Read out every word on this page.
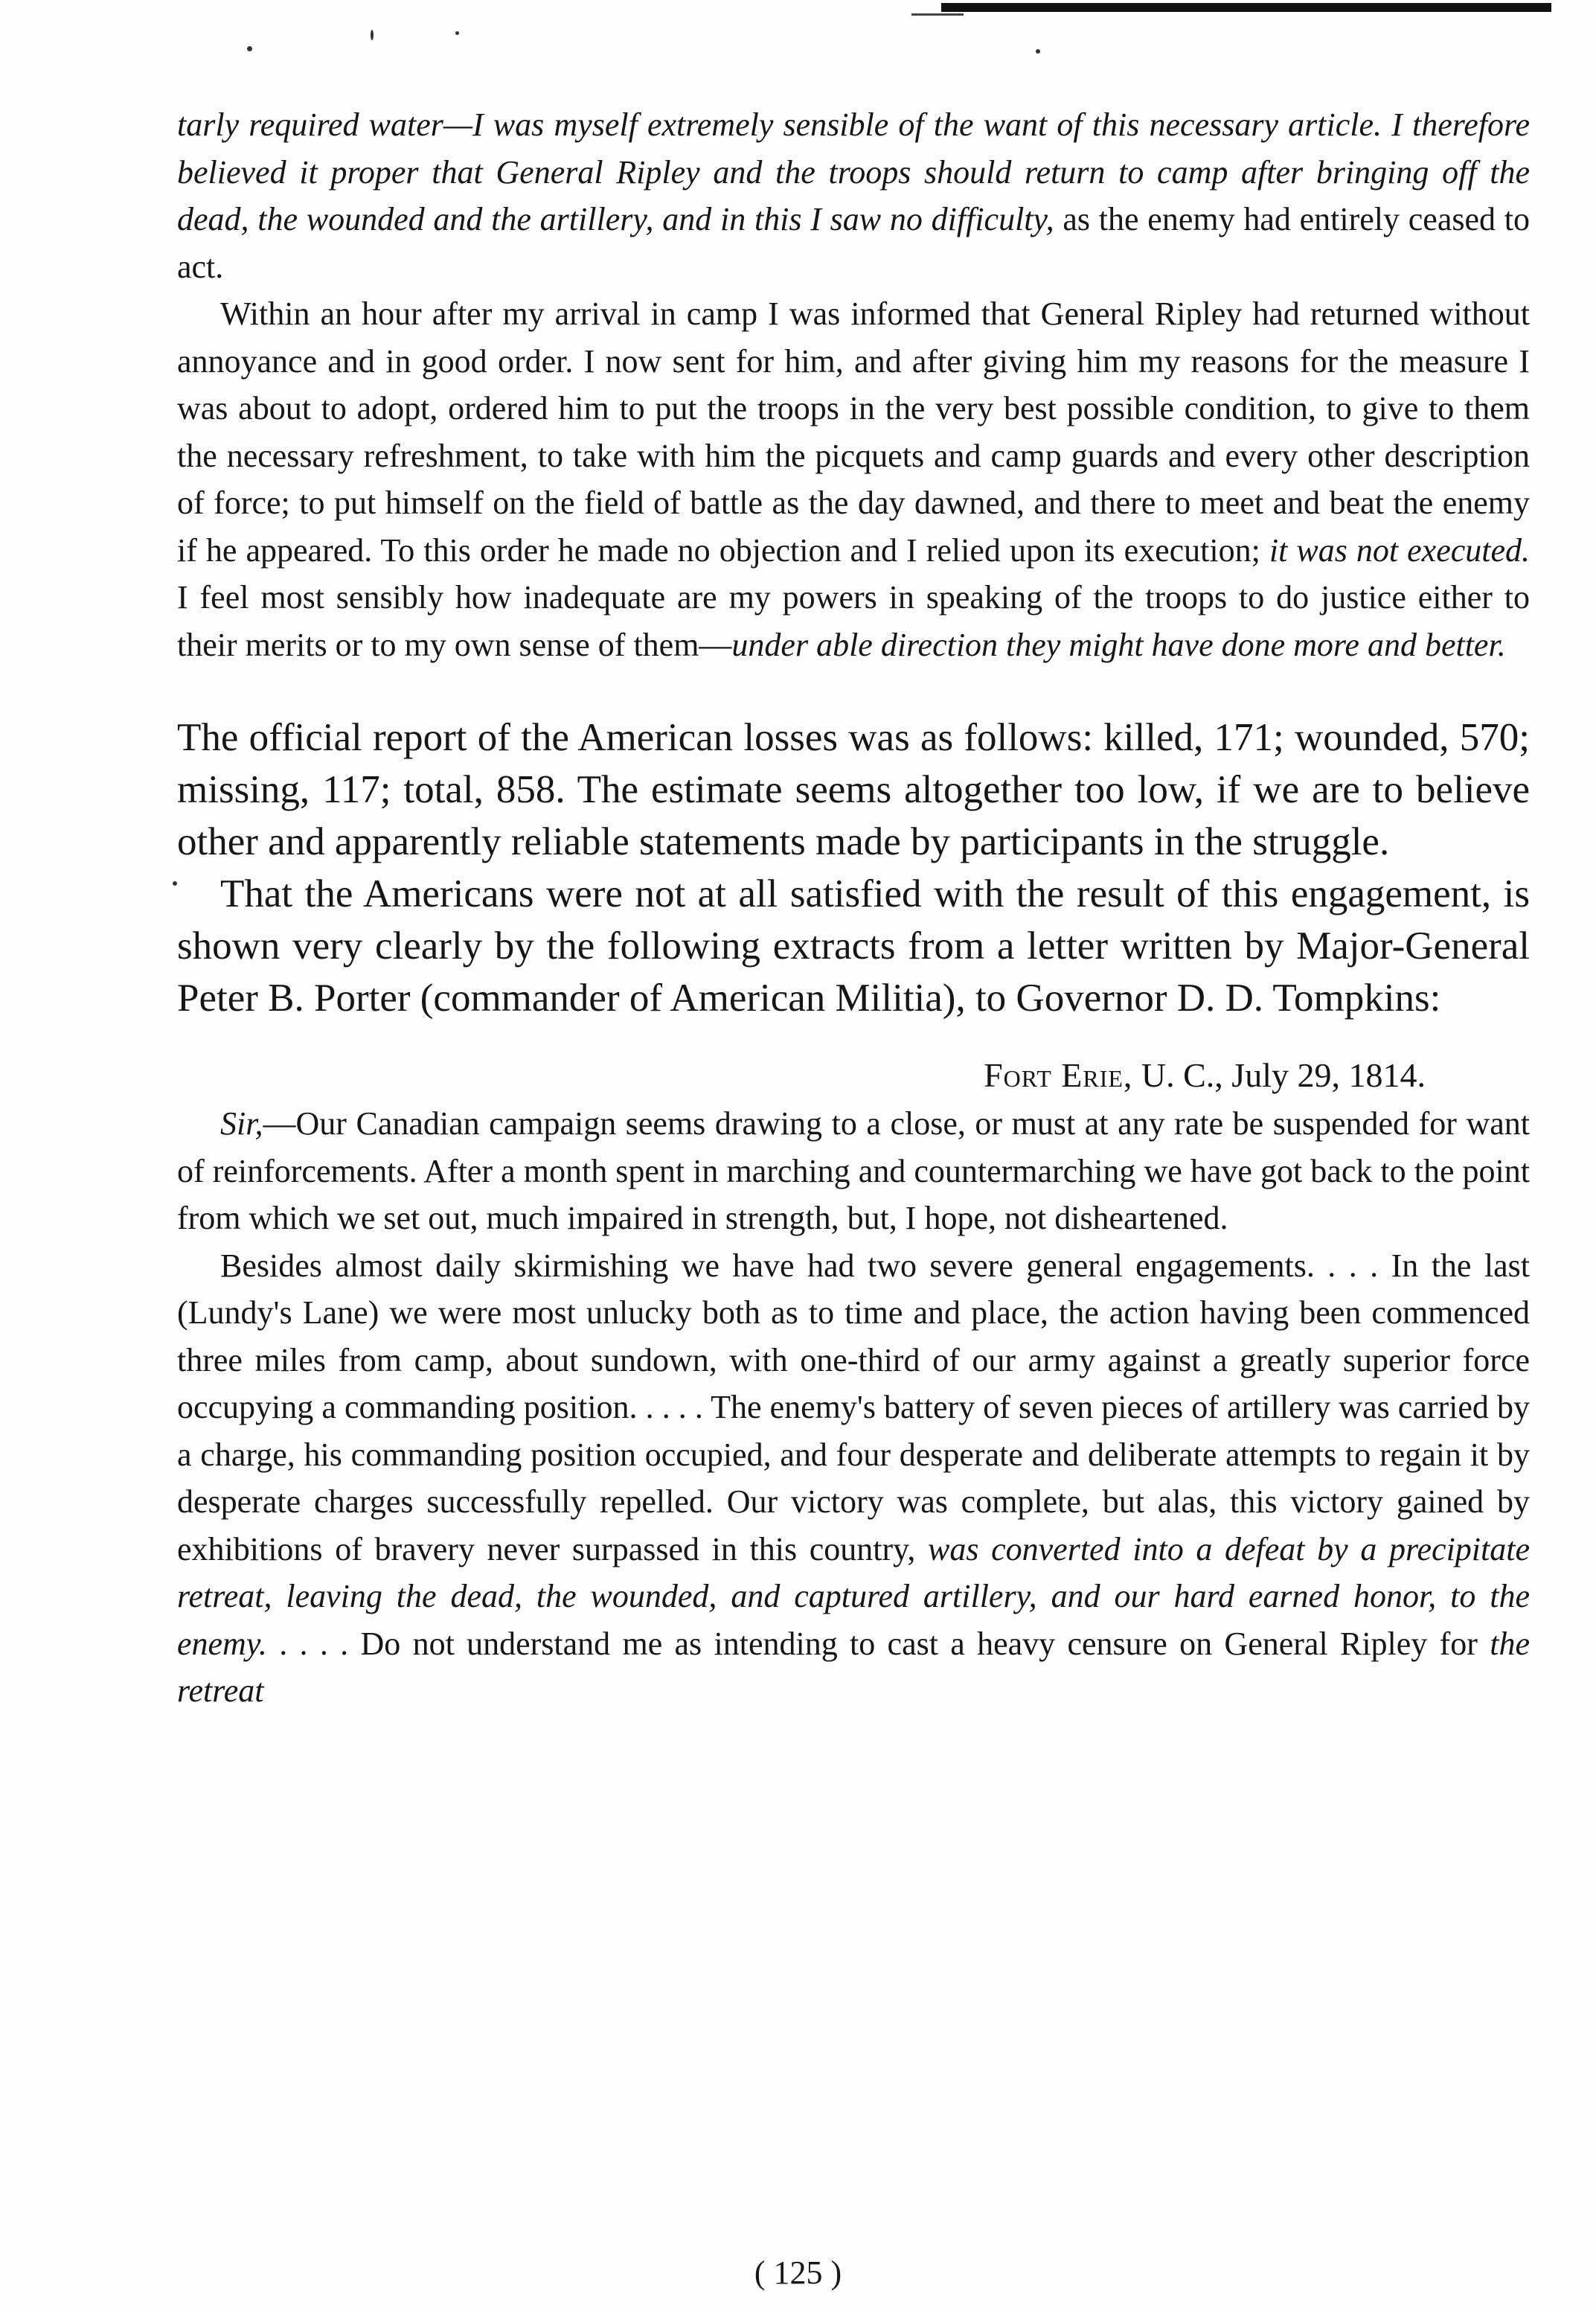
tarly required water—I was myself extremely sensible of the want of this necessary article. I therefore believed it proper that General Ripley and the troops should return to camp after bringing off the dead, the wounded and the artillery, and in this I saw no difficulty, as the enemy had entirely ceased to act.

Within an hour after my arrival in camp I was informed that General Ripley had returned without annoyance and in good order. I now sent for him, and after giving him my reasons for the measure I was about to adopt, ordered him to put the troops in the very best possible condition, to give to them the necessary refreshment, to take with him the picquets and camp guards and every other description of force; to put himself on the field of battle as the day dawned, and there to meet and beat the enemy if he appeared. To this order he made no objection and I relied upon its execution; it was not executed. I feel most sensibly how inadequate are my powers in speaking of the troops to do justice either to their merits or to my own sense of them—under able direction they might have done more and better.

The official report of the American losses was as follows: killed, 171; wounded, 570; missing, 117; total, 858. The estimate seems altogether too low, if we are to believe other and apparently reliable statements made by participants in the struggle.

That the Americans were not at all satisfied with the result of this engagement, is shown very clearly by the following extracts from a letter written by Major-General Peter B. Porter (commander of American Militia), to Governor D. D. Tompkins:

Fort Erie, U. C., July 29, 1814.

Sir,—Our Canadian campaign seems drawing to a close, or must at any rate be suspended for want of reinforcements. After a month spent in marching and countermarching we have got back to the point from which we set out, much impaired in strength, but, I hope, not disheartened.

Besides almost daily skirmishing we have had two severe general engagements. . . . In the last (Lundy's Lane) we were most unlucky both as to time and place, the action having been commenced three miles from camp, about sundown, with one-third of our army against a greatly superior force occupying a commanding position. . . . . The enemy's battery of seven pieces of artillery was carried by a charge, his commanding position occupied, and four desperate and deliberate attempts to regain it by desperate charges successfully repelled. Our victory was complete, but alas, this victory gained by exhibitions of bravery never surpassed in this country, was converted into a defeat by a precipitate retreat, leaving the dead, the wounded, and captured artillery, and our hard earned honor, to the enemy. . . . . Do not understand me as intending to cast a heavy censure on General Ripley for the retreat

( 125 )
